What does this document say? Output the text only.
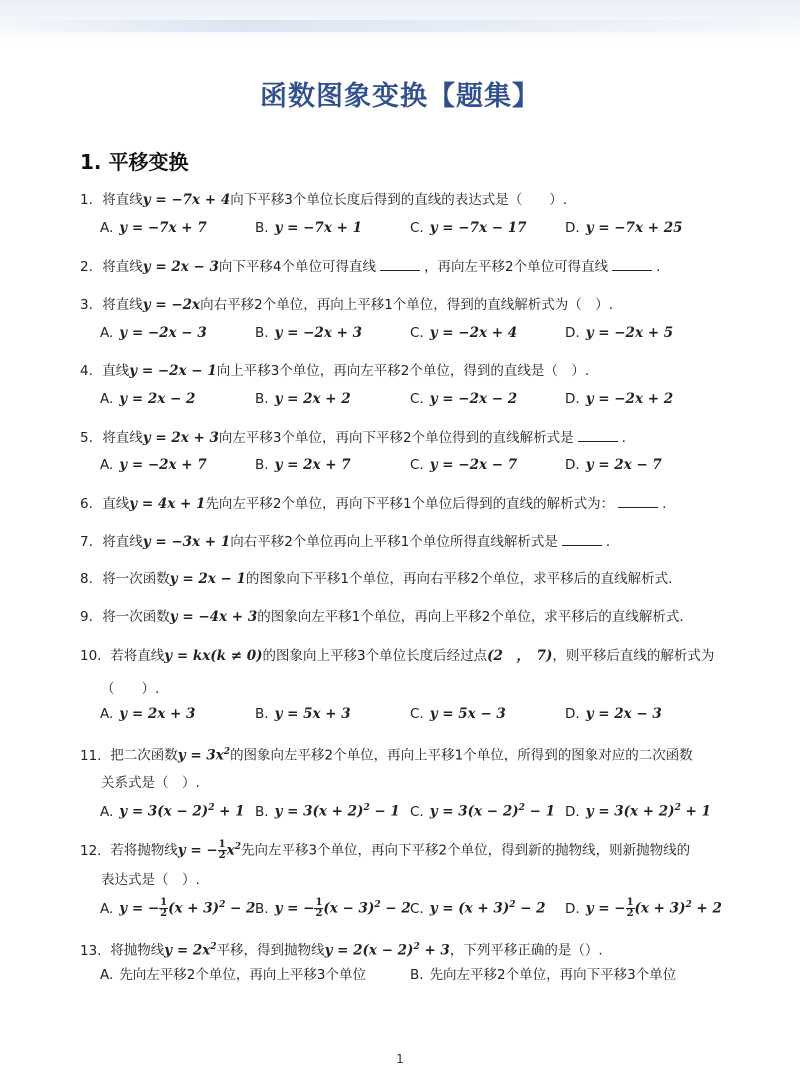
函数图象变换【题集】
1. 平移变换
1. 将直线y = −7x + 4向下平移3个单位长度后得到的直线的表达式是（　　）.
A. y = −7x + 7	B. y = −7x + 1	C. y = −7x − 17	D. y = −7x + 25
2. 将直线y = 2x − 3向下平移4个单位可得直线	，再向左平移2个单位可得直线	.
3. 将直线y = −2x向右平移2个单位，再向上平移1个单位，得到的直线解析式为（　）.
A. y = −2x − 3	B. y = −2x + 3	C. y = −2x + 4	D. y = −2x + 5
4. 直线y = −2x − 1向上平移3个单位，再向左平移2个单位，得到的直线是（　）.
A. y = 2x − 2	B. y = 2x + 2	C. y = −2x − 2	D. y = −2x + 2
5. 将直线y = 2x + 3向左平移3个单位，再向下平移2个单位得到的直线解析式是	.
A. y = −2x + 7	B. y = 2x + 7	C. y = −2x − 7	D. y = 2x − 7
6. 直线y = 4x + 1先向左平移2个单位，再向下平移1个单位后得到的直线的解析式为：	.
7. 将直线y = −3x + 1向右平移2个单位再向上平移1个单位所得直线解析式是	.
8. 将一次函数y = 2x − 1的图象向下平移1个单位，再向右平移2个单位，求平移后的直线解析式.
9. 将一次函数y = −4x + 3的图象向左平移1个单位，再向上平移2个单位，求平移后的直线解析式.
10. 若将直线y = kx(k ≠ 0)的图象向上平移3个单位长度后经过点(2　，　7)，则平移后直线的解析式为
（　　）.
A. y = 2x + 3	B. y = 5x + 3	C. y = 5x − 3	D. y = 2x − 3
11. 把二次函数$y = 3x^2$的图象向左平移2个单位，再向上平移1个单位，所得到的图象对应的二次函数
关系式是（　）.
A. $y = 3(x - 2)^2 + 1$ B. $y = 3(x + 2)^2 - 1$ C. $y = 3(x - 2)^2 - 1$ D. $y = 3(x + 2)^2 + 1$
12. 若将抛物线y = − $\frac{1}{2} x^2$先向左平移3个单位，再向下平移2个单位，得到新的抛物线，则新抛物线的
表达式是（　）.
A. y = − $\frac{1}{2} (x + 3)^2 - 2$ B. y = − $\frac{1}{2} (x - 3)^2 - 2$ C. $y = (x + 3)^2 - 2$ D. y = − $\frac{1}{2} (x + 3)^2 + 2$
13. 将抛物线$y = 2x^2$平移，得到抛物线$y = 2(x - 2)^2 + 3$，下列平移正确的是（）.
A. 先向左平移2个单位，再向上平移3个单位	B. 先向左平移2个单位，再向下平移3个单位
1
